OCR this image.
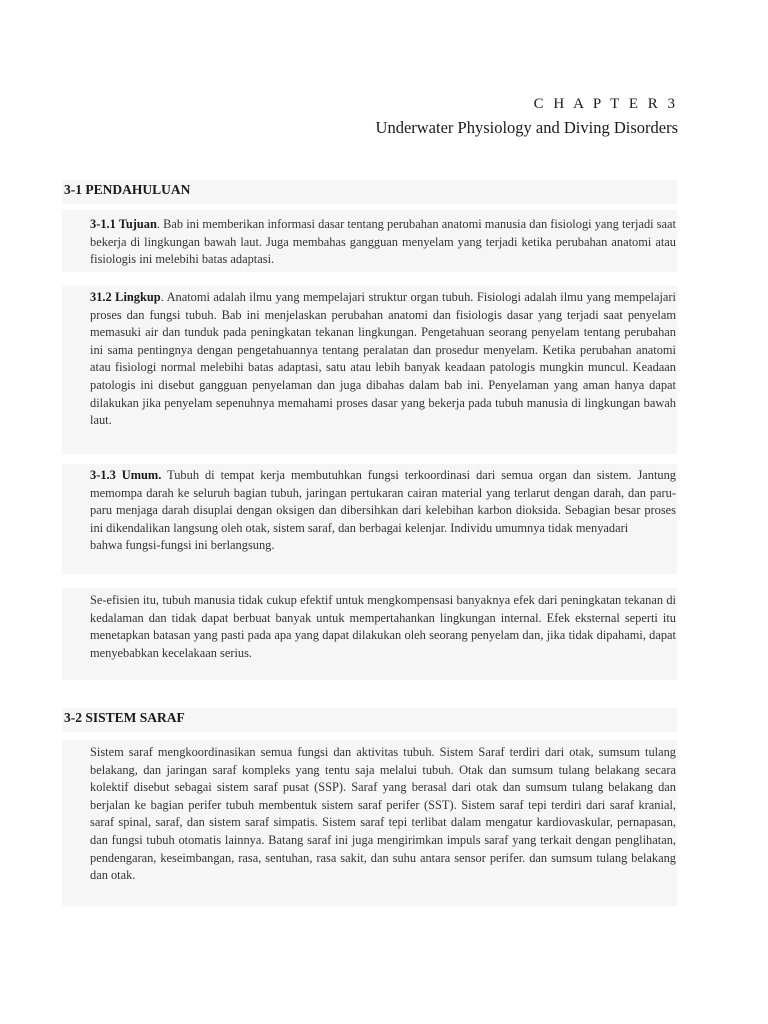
C H A P T E R 3
Underwater Physiology and Diving Disorders
3-1 PENDAHULUAN

3-1.1 Tujuan. Bab ini memberikan informasi dasar tentang perubahan anatomi manusia dan fisiologi yang terjadi saat bekerja di lingkungan bawah laut. Juga membahas gangguan menyelam yang terjadi ketika perubahan anatomi atau fisiologis ini melebihi batas adaptasi.

31.2 Lingkup. Anatomi adalah ilmu yang mempelajari struktur organ tubuh. Fisiologi adalah ilmu yang mempelajari proses dan fungsi tubuh. Bab ini menjelaskan perubahan anatomi dan fisiologis dasar yang terjadi saat penyelam memasuki air dan tunduk pada peningkatan tekanan lingkungan. Pengetahuan seorang penyelam tentang perubahan ini sama pentingnya dengan pengetahuannya tentang peralatan dan prosedur menyelam. Ketika perubahan anatomi atau fisiologi normal melebihi batas adaptasi, satu atau lebih banyak keadaan patologis mungkin muncul. Keadaan patologis ini disebut gangguan penyelaman dan juga dibahas dalam bab ini. Penyelaman yang aman hanya dapat dilakukan jika penyelam sepenuhnya memahami proses dasar yang bekerja pada tubuh manusia di lingkungan bawah laut.

3-1.3 Umum. Tubuh di tempat kerja membutuhkan fungsi terkoordinasi dari semua organ dan sistem. Jantung memompa darah ke seluruh bagian tubuh, jaringan pertukaran cairan material yang terlarut dengan darah, dan paru-paru menjaga darah disuplai dengan oksigen dan dibersihkan dari kelebihan karbon dioksida. Sebagian besar proses ini dikendalikan langsung oleh otak, sistem saraf, dan berbagai kelenjar. Individu umumnya tidak menyadari
bahwa fungsi-fungsi ini berlangsung.

Se-efisien itu, tubuh manusia tidak cukup efektif untuk mengkompensasi banyaknya efek dari peningkatan tekanan di kedalaman dan tidak dapat berbuat banyak untuk mempertahankan lingkungan internal. Efek eksternal seperti itu menetapkan batasan yang pasti pada apa yang dapat dilakukan oleh seorang penyelam dan, jika tidak dipahami, dapat menyebabkan kecelakaan serius.

3-2 SISTEM SARAF

Sistem saraf mengkoordinasikan semua fungsi dan aktivitas tubuh. Sistem Saraf terdiri dari otak, sumsum tulang belakang, dan jaringan saraf kompleks yang tentu saja melalui tubuh. Otak dan sumsum tulang belakang secara kolektif disebut sebagai sistem saraf pusat (SSP). Saraf yang berasal dari otak dan sumsum tulang belakang dan berjalan ke bagian perifer tubuh membentuk sistem saraf perifer (SST). Sistem saraf tepi terdiri dari saraf kranial, saraf spinal, saraf, dan sistem saraf simpatis. Sistem saraf tepi terlibat dalam mengatur kardiovaskular, pernapasan, dan fungsi tubuh otomatis lainnya. Batang saraf ini juga mengirimkan impuls saraf yang terkait dengan penglihatan, pendengaran, keseimbangan, rasa, sentuhan, rasa sakit, dan suhu antara sensor perifer. dan sumsum tulang belakang dan otak.
